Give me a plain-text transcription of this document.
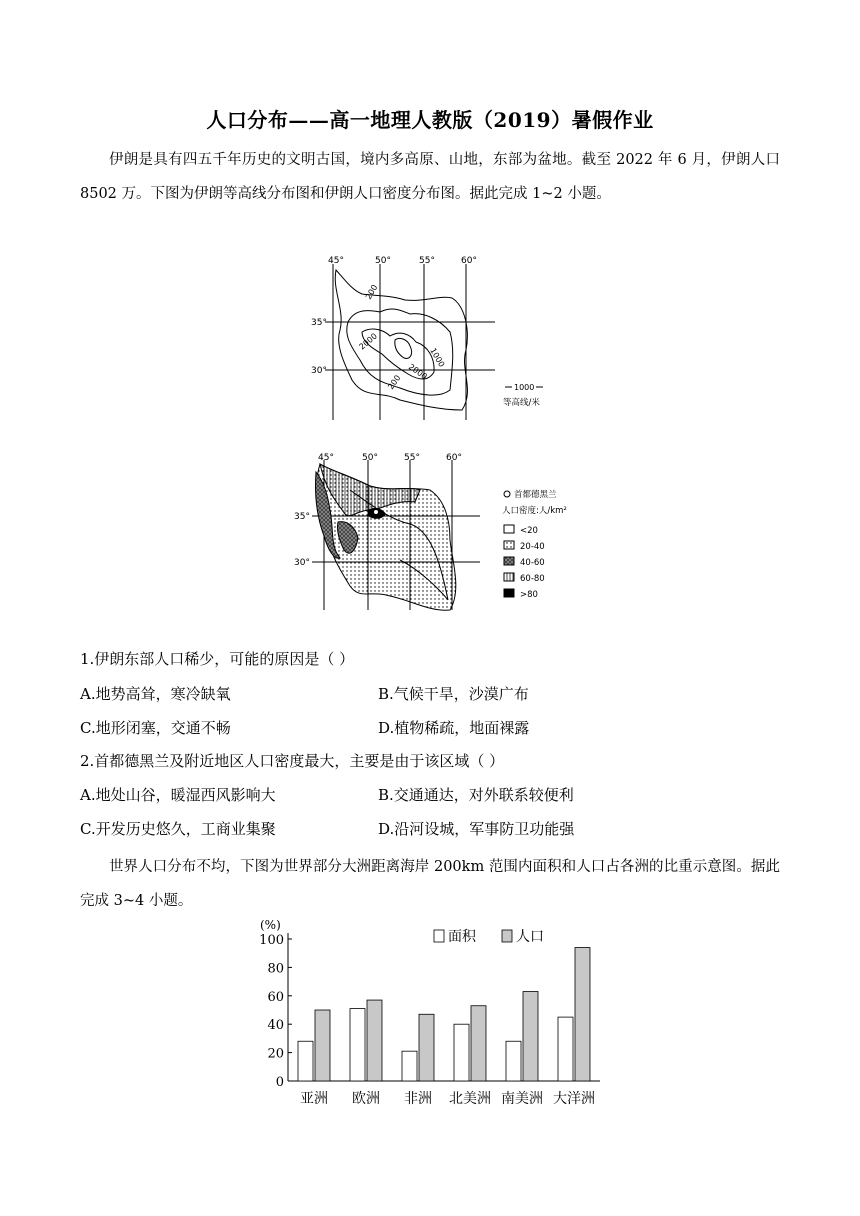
人口分布——高一地理人教版（2019）暑假作业

伊朗是具有四五千年历史的文明古国，境内多高原、山地，东部为盆地。截至 2022 年 6 月，伊朗人口 8502 万。下图为伊朗等高线分布图和伊朗人口密度分布图。据此完成 1~2 小题。

45°	50°	55°	60°
35°
30°
200
2000
1000
2000
200	1000
等高线/米
45°	50°	55°	60°
35°
30°
首都德黑兰
人口密度:人/km²
<20
20-40
40-60
60-80
>80
1.伊朗东部人口稀少，可能的原因是（ ）
A.地势高耸，寒冷缺氧	B.气候干旱，沙漠广布
C.地形闭塞，交通不畅	D.植物稀疏，地面裸露
2.首都德黑兰及附近地区人口密度最大，主要是由于该区域（ ）
A.地处山谷，暖湿西风影响大	B.交通通达，对外联系较便利
C.开发历史悠久，工商业集聚	D.沿河设城，军事防卫功能强

世界人口分布不均，下图为世界部分大洲距离海岸 200km 范围内面积和人口占各洲的比重示意图。据此完成 3~4 小题。

(%)
0
20
40
60
80
100
亚洲 欧洲 非洲 北美洲 南美洲 大洋洲
面积	人口
